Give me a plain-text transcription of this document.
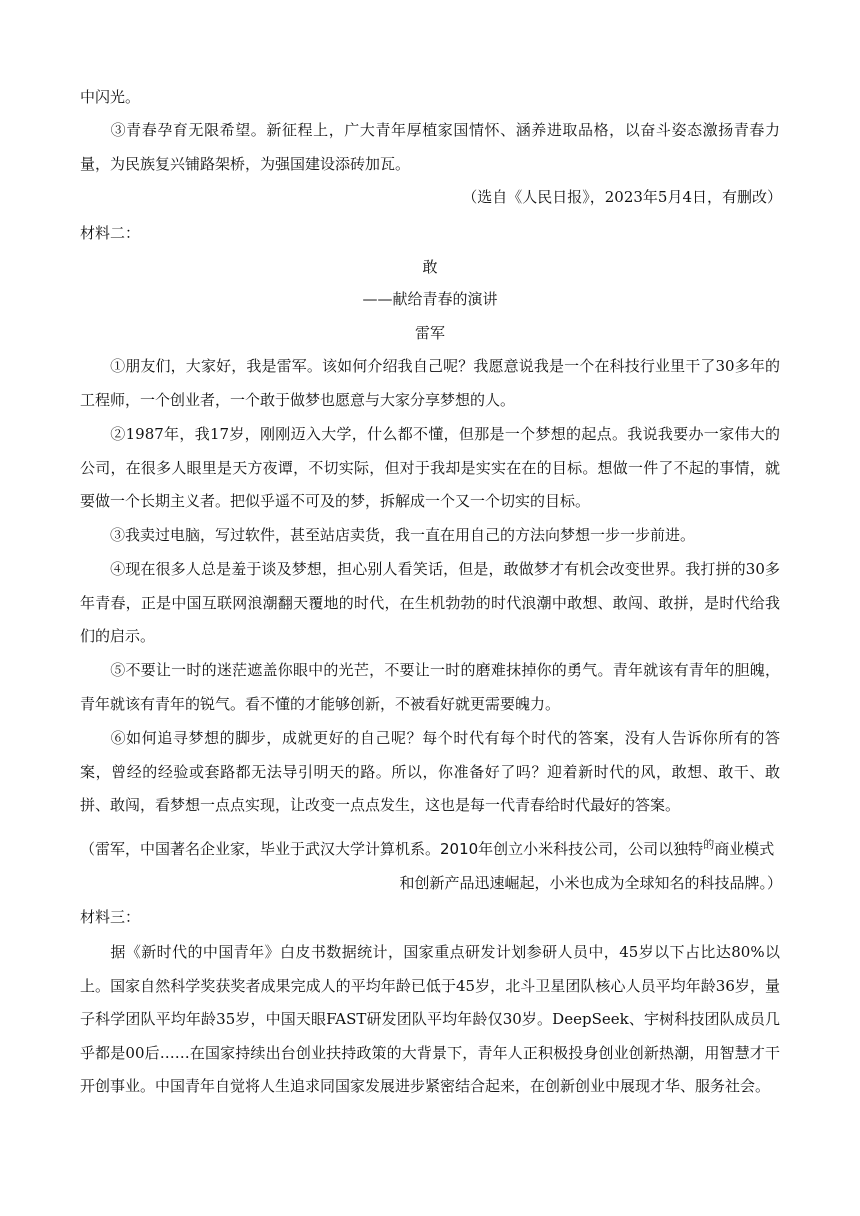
中闪光。
③青春孕育无限希望。新征程上，广大青年厚植家国情怀、涵养进取品格，以奋斗姿态激扬青春力量，为民族复兴铺路架桥，为强国建设添砖加瓦。
（选自《人民日报》，2023年5月4日，有删改）
材料二：
敢
——献给青春的演讲
雷军
①朋友们，大家好，我是雷军。该如何介绍我自己呢？我愿意说我是一个在科技行业里干了30多年的工程师，一个创业者，一个敢于做梦也愿意与大家分享梦想的人。
②1987年，我17岁，刚刚迈入大学，什么都不懂，但那是一个梦想的起点。我说我要办一家伟大的公司，在很多人眼里是天方夜谭，不切实际，但对于我却是实实在在的目标。想做一件了不起的事情，就要做一个长期主义者。把似乎遥不可及的梦，拆解成一个又一个切实的目标。
③我卖过电脑，写过软件，甚至站店卖货，我一直在用自己的方法向梦想一步一步前进。
④现在很多人总是羞于谈及梦想，担心别人看笑话，但是，敢做梦才有机会改变世界。我打拼的30多年青春，正是中国互联网浪潮翻天覆地的时代，在生机勃勃的时代浪潮中敢想、敢闯、敢拼，是时代给我们的启示。
⑤不要让一时的迷茫遮盖你眼中的光芒，不要让一时的磨难抹掉你的勇气。青年就该有青年的胆魄，青年就该有青年的锐气。看不懂的才能够创新，不被看好就更需要魄力。
⑥如何追寻梦想的脚步，成就更好的自己呢？每个时代有每个时代的答案，没有人告诉你所有的答案，曾经的经验或套路都无法导引明天的路。所以，你准备好了吗？迎着新时代的风，敢想、敢干、敢拼、敢闯，看梦想一点点实现，让改变一点点发生，这也是每一代青春给时代最好的答案。
（雷军，中国著名企业家，毕业于武汉大学计算机系。2010年创立小米科技公司，公司以独特$^的$商业模式
和创新产品迅速崛起，小米也成为全球知名的科技品牌。）
材料三：
据《新时代的中国青年》白皮书数据统计，国家重点研发计划参研人员中，45岁以下占比达80%以上。国家自然科学奖获奖者成果完成人的平均年龄已低于45岁，北斗卫星团队核心人员平均年龄36岁，量子科学团队平均年龄35岁，中国天眼FAST研发团队平均年龄仅30岁。DeepSeek、宇树科技团队成员几乎都是00后……在国家持续出台创业扶持政策的大背景下，青年人正积极投身创业创新热潮，用智慧才干开创事业。中国青年自觉将人生追求同国家发展进步紧密结合起来，在创新创业中展现才华、服务社会。
